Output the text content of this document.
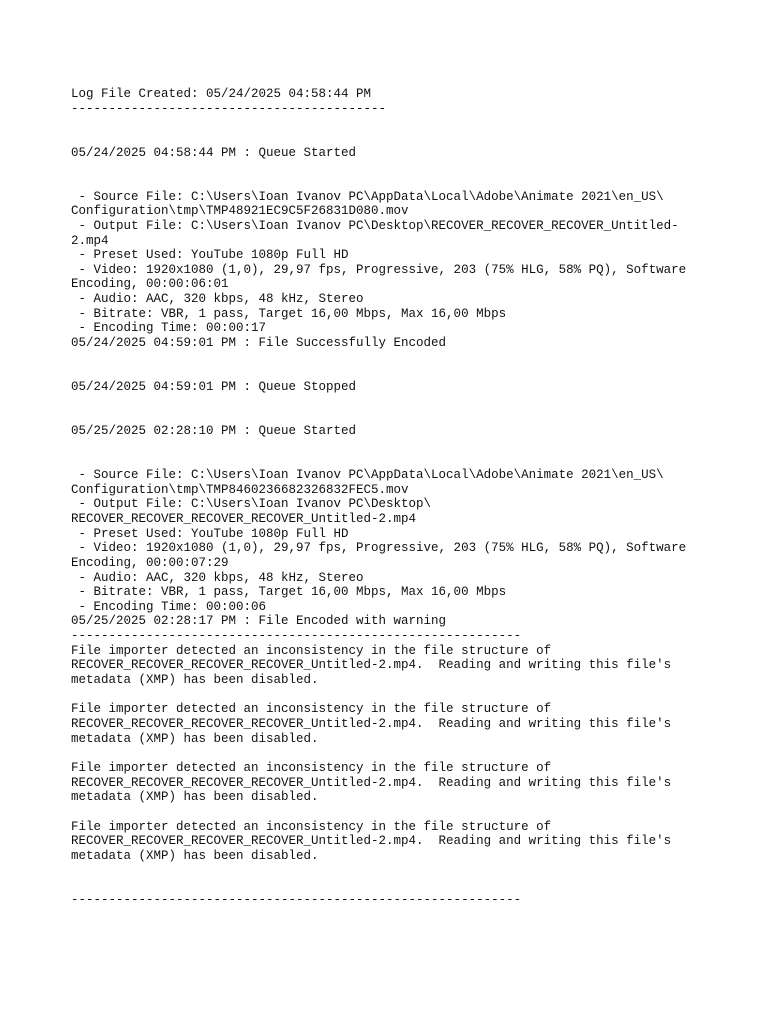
Log File Created: 05/24/2025 04:58:44 PM
------------------------------------------
05/24/2025 04:58:44 PM : Queue Started
- Source File: C:\Users\Ioan Ivanov PC\AppData\Local\Adobe\Animate 2021\en_US\
Configuration\tmp\TMP48921EC9C5F26831D080.mov
- Output File: C:\Users\Ioan Ivanov PC\Desktop\RECOVER_RECOVER_RECOVER_Untitled-
2.mp4
- Preset Used: YouTube 1080p Full HD
- Video: 1920x1080 (1,0), 29,97 fps, Progressive, 203 (75% HLG, 58% PQ), Software
Encoding, 00:00:06:01
- Audio: AAC, 320 kbps, 48 kHz, Stereo
- Bitrate: VBR, 1 pass, Target 16,00 Mbps, Max 16,00 Mbps
- Encoding Time: 00:00:17
05/24/2025 04:59:01 PM : File Successfully Encoded
05/24/2025 04:59:01 PM : Queue Stopped
05/25/2025 02:28:10 PM : Queue Started
- Source File: C:\Users\Ioan Ivanov PC\AppData\Local\Adobe\Animate 2021\en_US\
Configuration\tmp\TMP8460236682326832FEC5.mov
- Output File: C:\Users\Ioan Ivanov PC\Desktop\
RECOVER_RECOVER_RECOVER_RECOVER_Untitled-2.mp4
- Preset Used: YouTube 1080p Full HD
- Video: 1920x1080 (1,0), 29,97 fps, Progressive, 203 (75% HLG, 58% PQ), Software
Encoding, 00:00:07:29
- Audio: AAC, 320 kbps, 48 kHz, Stereo
- Bitrate: VBR, 1 pass, Target 16,00 Mbps, Max 16,00 Mbps
- Encoding Time: 00:00:06
05/25/2025 02:28:17 PM : File Encoded with warning
------------------------------------------------------------
File importer detected an inconsistency in the file structure of
RECOVER_RECOVER_RECOVER_RECOVER_Untitled-2.mp4.  Reading and writing this file's
metadata (XMP) has been disabled.
File importer detected an inconsistency in the file structure of
RECOVER_RECOVER_RECOVER_RECOVER_Untitled-2.mp4.  Reading and writing this file's
metadata (XMP) has been disabled.
File importer detected an inconsistency in the file structure of
RECOVER_RECOVER_RECOVER_RECOVER_Untitled-2.mp4.  Reading and writing this file's
metadata (XMP) has been disabled.
File importer detected an inconsistency in the file structure of
RECOVER_RECOVER_RECOVER_RECOVER_Untitled-2.mp4.  Reading and writing this file's
metadata (XMP) has been disabled.
------------------------------------------------------------
